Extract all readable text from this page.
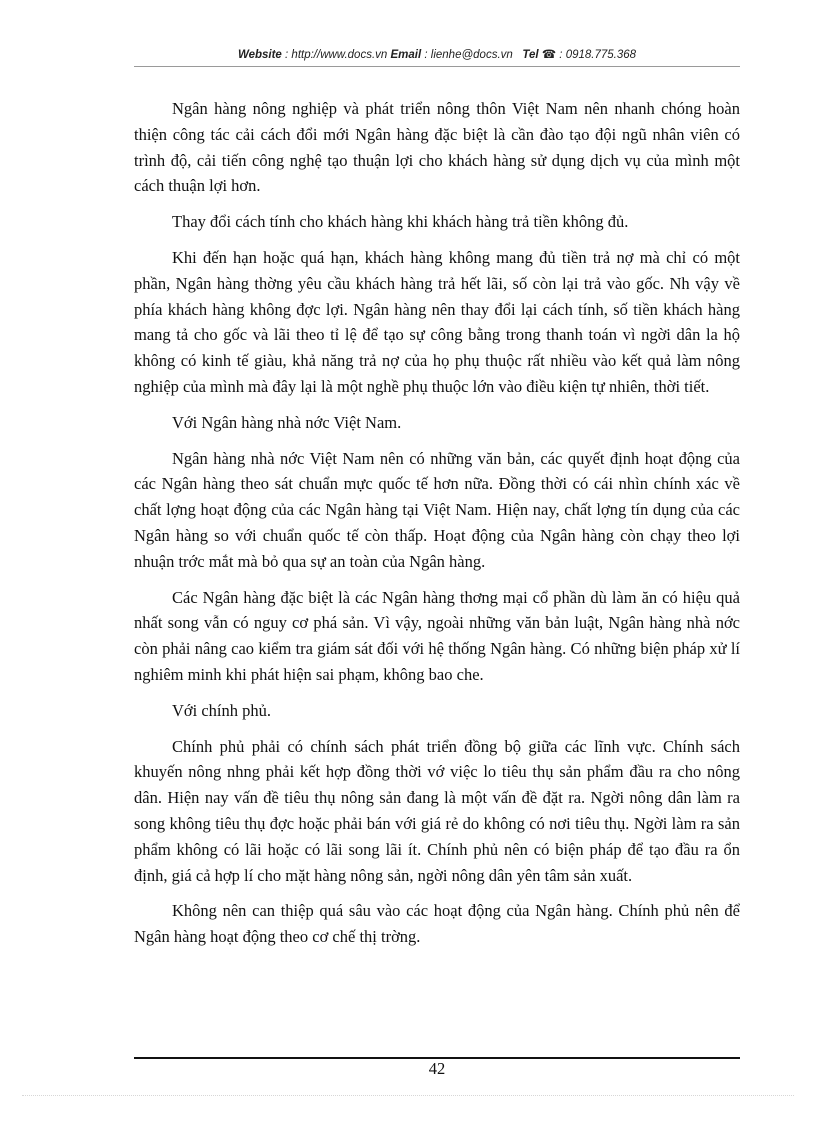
Website : http://www.docs.vn Email : lienhe@docs.vn Tel ☎ : 0918.775.368

Ngân hàng nông nghiệp và phát triển nông thôn Việt Nam nên nhanh chóng hoàn thiện công tác cải cách đổi mới Ngân hàng đặc biệt là cần đào tạo đội ngũ nhân viên có trình độ, cải tiến công nghệ tạo thuận lợi cho khách hàng sử dụng dịch vụ của mình một cách thuận lợi hơn.

Thay đổi cách tính cho khách hàng khi khách hàng trả tiền không đủ.

Khi đến hạn hoặc quá hạn, khách hàng không mang đủ tiền trả nợ mà chỉ có một phần, Ngân hàng thờng yêu cầu khách hàng trả hết lãi, số còn lại trả vào gốc. Nh vậy về phía khách hàng không đợc lợi. Ngân hàng nên thay đổi lại cách tính, số tiền khách hàng mang tả cho gốc và lãi theo tỉ lệ để tạo sự công bằng trong thanh toán vì ngời dân la hộ không có kinh tế giàu, khả năng trả nợ của họ phụ thuộc rất nhiều vào kết quả làm nông nghiệp của mình mà đây lại là một nghề phụ thuộc lớn vào điều kiện tự nhiên, thời tiết.

Với Ngân hàng nhà nớc Việt Nam.

Ngân hàng nhà nớc Việt Nam nên có những văn bản, các quyết định hoạt động của các Ngân hàng theo sát chuẩn mực quốc tế hơn nữa. Đồng thời có cái nhìn chính xác về chất lợng hoạt động của các Ngân hàng tại Việt Nam. Hiện nay, chất lợng tín dụng của các Ngân hàng so với chuẩn quốc tế còn thấp. Hoạt động của Ngân hàng còn chạy theo lợi nhuận trớc mắt mà bỏ qua sự an toàn của Ngân hàng.

Các Ngân hàng đặc biệt là các Ngân hàng thơng mại cổ phần dù làm ăn có hiệu quả nhất song vẫn có nguy cơ phá sản. Vì vậy, ngoài những văn bản luật, Ngân hàng nhà nớc còn phải nâng cao kiểm tra giám sát đối với hệ thống Ngân hàng. Có những biện pháp xử lí nghiêm minh khi phát hiện sai phạm, không bao che.

Với chính phủ.

Chính phủ phải có chính sách phát triển đồng bộ giữa các lĩnh vực. Chính sách khuyến nông nhng phải kết hợp đồng thời vớ việc lo tiêu thụ sản phẩm đầu ra cho nông dân. Hiện nay vấn đề tiêu thụ nông sản đang là một vấn đề đặt ra. Ngời nông dân làm ra song không tiêu thụ đợc hoặc phải bán với giá rẻ do không có nơi tiêu thụ. Ngời làm ra sản phẩm không có lãi hoặc có lãi song lãi ít. Chính phủ nên có biện pháp để tạo đầu ra ổn định, giá cả hợp lí cho mặt hàng nông sản, ngời nông dân yên tâm sản xuất.

Không nên can thiệp quá sâu vào các hoạt động của Ngân hàng. Chính phủ nên để Ngân hàng hoạt động theo cơ chế thị trờng.

42
